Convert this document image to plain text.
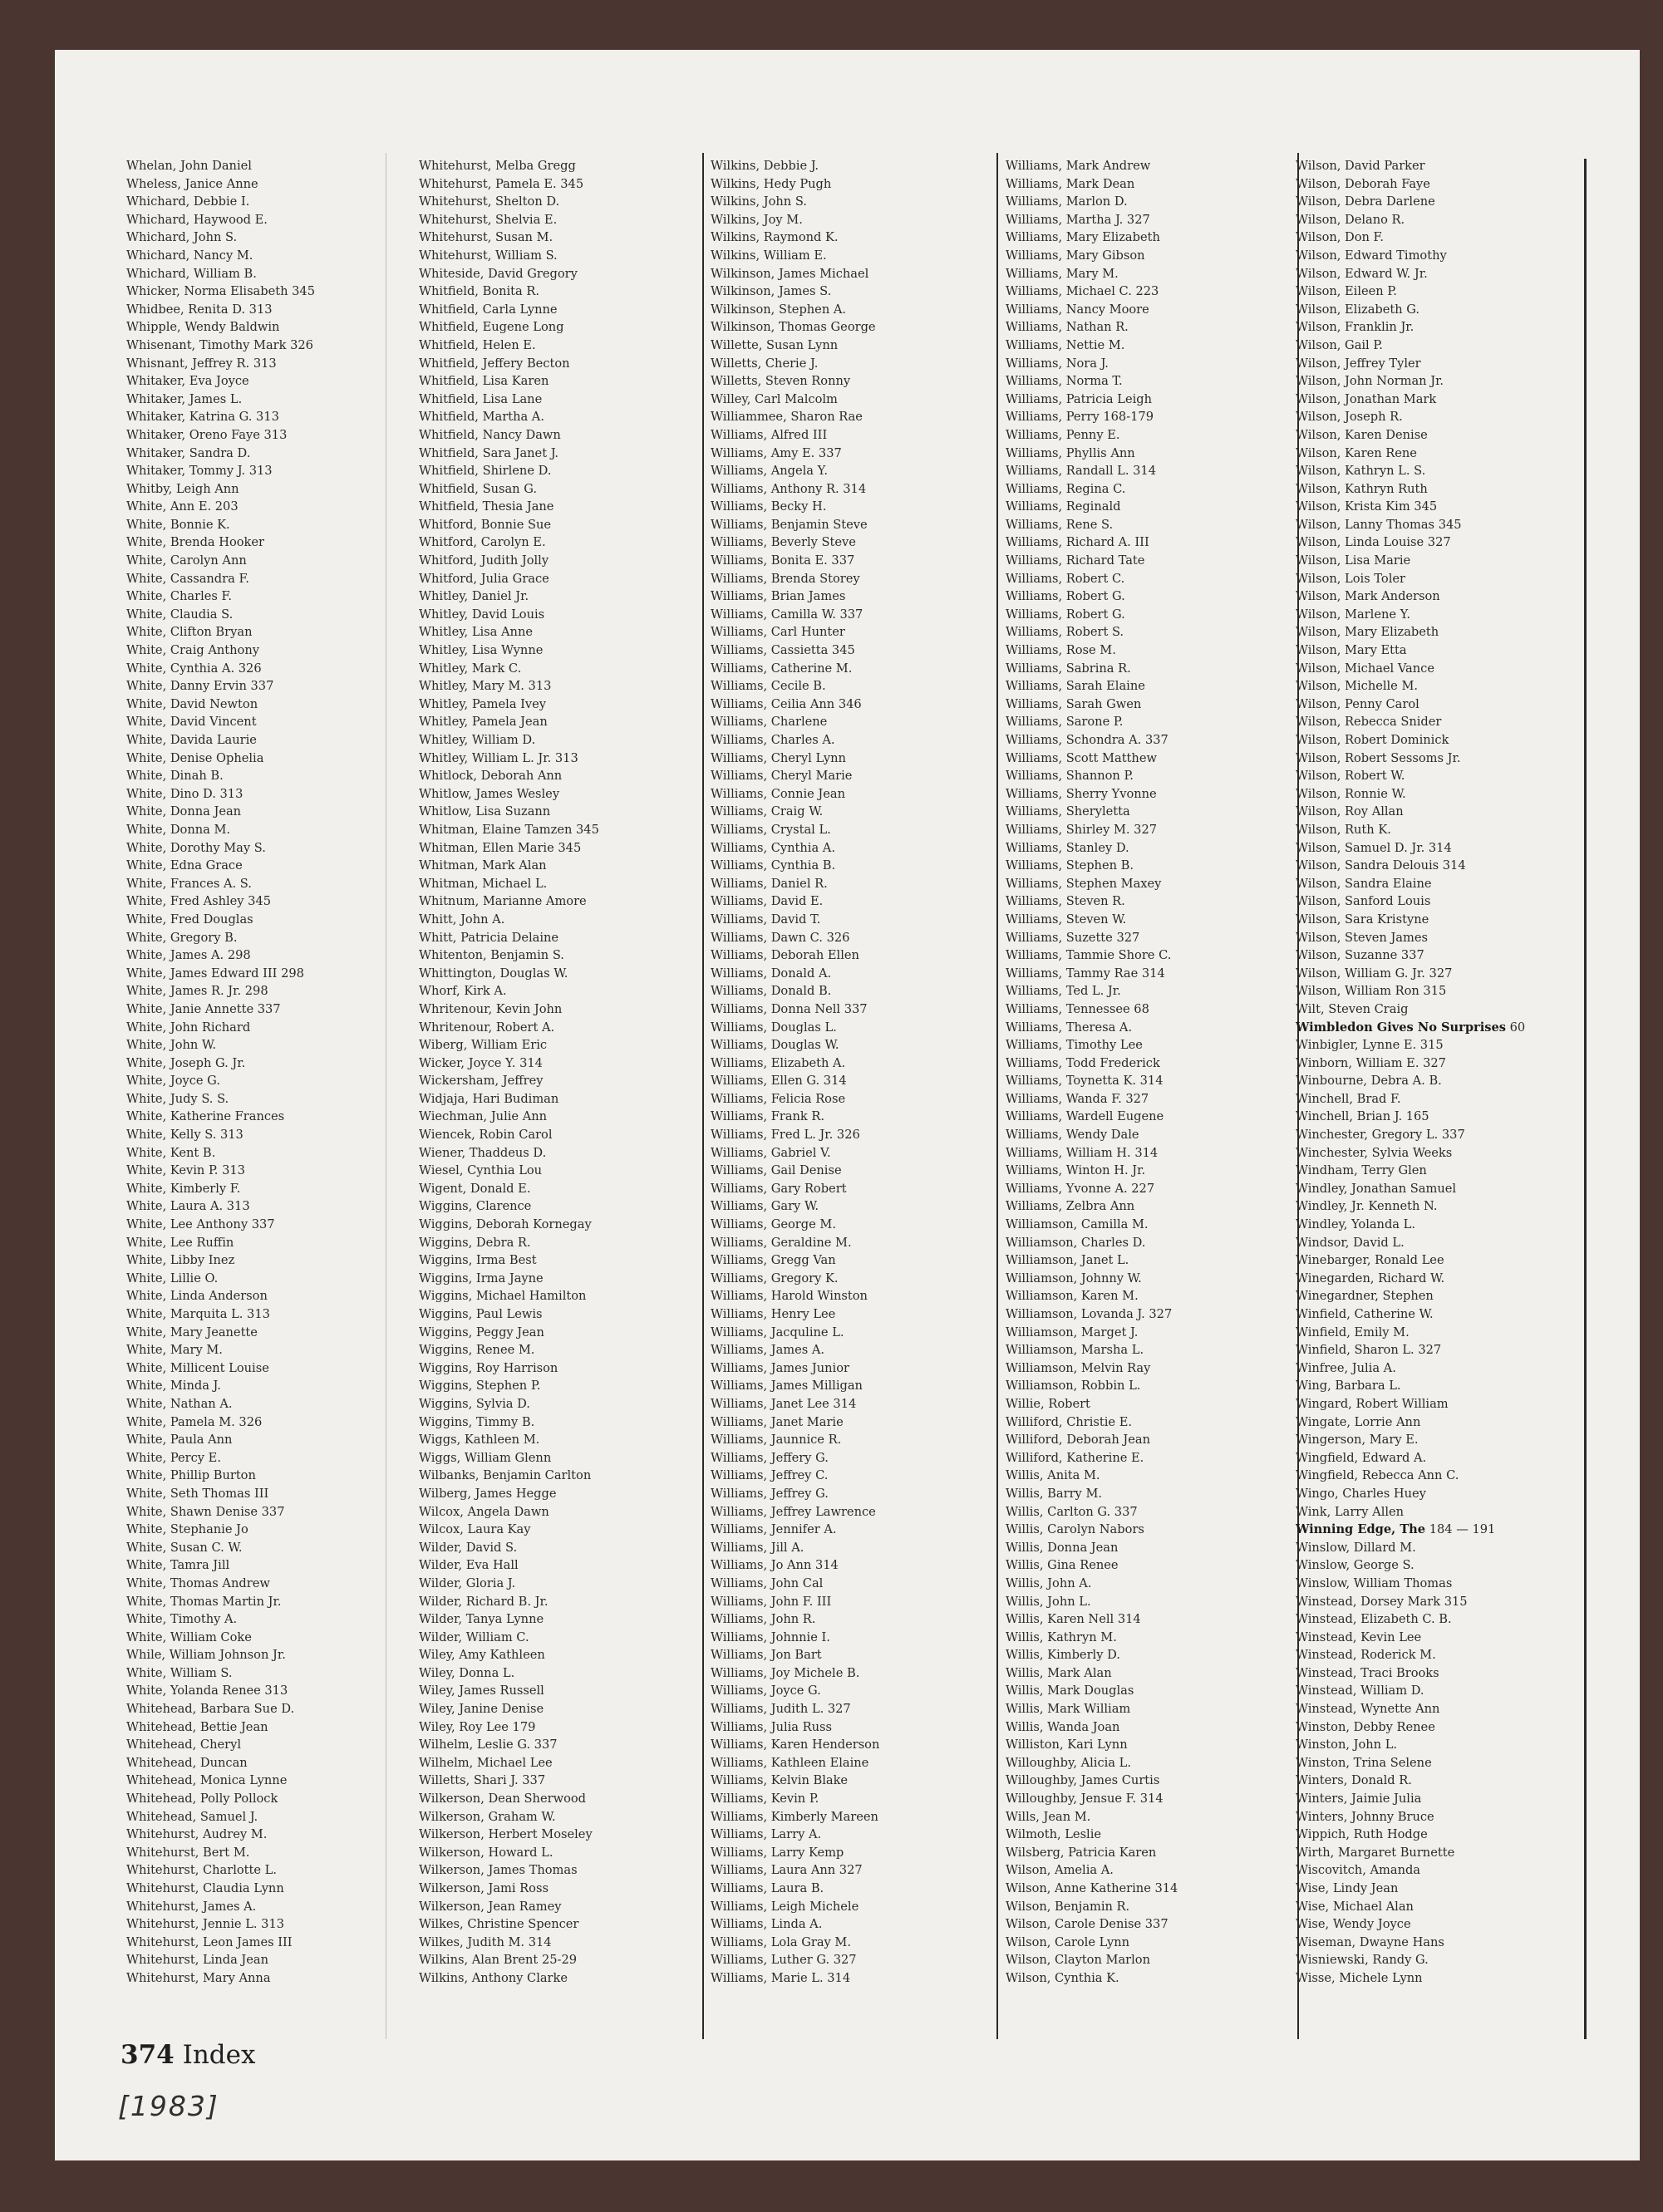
Whelan, John Daniel
Wheless, Janice Anne
Whichard, Debbie I.
Whichard, Haywood E.
Whichard, John S.
Whichard, Nancy M.
Whichard, William B.
Whicker, Norma Elisabeth 345
Whidbee, Renita D. 313
Whipple, Wendy Baldwin
Whisenant, Timothy Mark 326
Whisnant, Jeffrey R. 313
Whitaker, Eva Joyce
Whitaker, James L.
Whitaker, Katrina G. 313
Whitaker, Oreno Faye 313
Whitaker, Sandra D.
Whitaker, Tommy J. 313
Whitby, Leigh Ann
White, Ann E. 203
White, Bonnie K.
White, Brenda Hooker
White, Carolyn Ann
White, Cassandra F.
White, Charles F.
White, Claudia S.
White, Clifton Bryan
White, Craig Anthony
White, Cynthia A. 326
White, Danny Ervin 337
White, David Newton
White, David Vincent
White, Davida Laurie
White, Denise Ophelia
White, Dinah B.
White, Dino D. 313
White, Donna Jean
White, Donna M.
White, Dorothy May S.
White, Edna Grace
White, Frances A. S.
White, Fred Ashley 345
White, Fred Douglas
White, Gregory B.
White, James A. 298
White, James Edward III 298
White, James R. Jr. 298
White, Janie Annette 337
White, John Richard
White, John W.
White, Joseph G. Jr.
White, Joyce G.
White, Judy S. S.
White, Katherine Frances
White, Kelly S. 313
White, Kent B.
White, Kevin P. 313
White, Kimberly F.
White, Laura A. 313
White, Lee Anthony 337
White, Lee Ruffin
White, Libby Inez
White, Lillie O.
White, Linda Anderson
White, Marquita L. 313
White, Mary Jeanette
White, Mary M.
White, Millicent Louise
White, Minda J.
White, Nathan A.
White, Pamela M. 326
White, Paula Ann
White, Percy E.
White, Phillip Burton
White, Seth Thomas III
White, Shawn Denise 337
White, Stephanie Jo
White, Susan C. W.
White, Tamra Jill
White, Thomas Andrew
White, Thomas Martin Jr.
White, Timothy A.
White, William Coke
While, William Johnson Jr.
White, William S.
White, Yolanda Renee 313
Whitehead, Barbara Sue D.
Whitehead, Bettie Jean
Whitehead, Cheryl
Whitehead, Duncan
Whitehead, Monica Lynne
Whitehead, Polly Pollock
Whitehead, Samuel J.
Whitehurst, Audrey M.
Whitehurst, Bert M.
Whitehurst, Charlotte L.
Whitehurst, Claudia Lynn
Whitehurst, James A.
Whitehurst, Jennie L. 313
Whitehurst, Leon James III
Whitehurst, Linda Jean
Whitehurst, Mary Anna
Whitehurst, Melba Gregg
Whitehurst, Pamela E. 345
Whitehurst, Shelton D.
Whitehurst, Shelvia E.
Whitehurst, Susan M.
Whitehurst, William S.
Whiteside, David Gregory
Whitfield, Bonita R.
Whitfield, Carla Lynne
Whitfield, Eugene Long
Whitfield, Helen E.
Whitfield, Jeffery Becton
Whitfield, Lisa Karen
Whitfield, Lisa Lane
Whitfield, Martha A.
Whitfield, Nancy Dawn
Whitfield, Sara Janet J.
Whitfield, Shirlene D.
Whitfield, Susan G.
Whitfield, Thesia Jane
Whitford, Bonnie Sue
Whitford, Carolyn E.
Whitford, Judith Jolly
Whitford, Julia Grace
Whitley, Daniel Jr.
Whitley, David Louis
Whitley, Lisa Anne
Whitley, Lisa Wynne
Whitley, Mark C.
Whitley, Mary M. 313
Whitley, Pamela Ivey
Whitley, Pamela Jean
Whitley, William D.
Whitley, William L. Jr. 313
Whitlock, Deborah Ann
Whitlow, James Wesley
Whitlow, Lisa Suzann
Whitman, Elaine Tamzen 345
Whitman, Ellen Marie 345
Whitman, Mark Alan
Whitman, Michael L.
Whitnum, Marianne Amore
Whitt, John A.
Whitt, Patricia Delaine
Whitenton, Benjamin S.
Whittington, Douglas W.
Whorf, Kirk A.
Whritenour, Kevin John
Whritenour, Robert A.
Wiberg, William Eric
Wicker, Joyce Y. 314
Wickersham, Jeffrey
Widjaja, Hari Budiman
Wiechman, Julie Ann
Wiencek, Robin Carol
Wiener, Thaddeus D.
Wiesel, Cynthia Lou
Wigent, Donald E.
Wiggins, Clarence
Wiggins, Deborah Kornegay
Wiggins, Debra R.
Wiggins, Irma Best
Wiggins, Irma Jayne
Wiggins, Michael Hamilton
Wiggins, Paul Lewis
Wiggins, Peggy Jean
Wiggins, Renee M.
Wiggins, Roy Harrison
Wiggins, Stephen P.
Wiggins, Sylvia D.
Wiggins, Timmy B.
Wiggs, Kathleen M.
Wiggs, William Glenn
Wilbanks, Benjamin Carlton
Wilberg, James Hegge
Wilcox, Angela Dawn
Wilcox, Laura Kay
Wilder, David S.
Wilder, Eva Hall
Wilder, Gloria J.
Wilder, Richard B. Jr.
Wilder, Tanya Lynne
Wilder, William C.
Wiley, Amy Kathleen
Wiley, Donna L.
Wiley, James Russell
Wiley, Janine Denise
Wiley, Roy Lee 179
Wilhelm, Leslie G. 337
Wilhelm, Michael Lee
Willetts, Shari J. 337
Wilkerson, Dean Sherwood
Wilkerson, Graham W.
Wilkerson, Herbert Moseley
Wilkerson, Howard L.
Wilkerson, James Thomas
Wilkerson, Jami Ross
Wilkerson, Jean Ramey
Wilkes, Christine Spencer
Wilkes, Judith M. 314
Wilkins, Alan Brent 25-29
Wilkins, Anthony Clarke
Wilkins, Debbie J.
Wilkins, Hedy Pugh
Wilkins, John S.
Wilkins, Joy M.
Wilkins, Raymond K.
Wilkins, William E.
Wilkinson, James Michael
Wilkinson, James S.
Wilkinson, Stephen A.
Wilkinson, Thomas George
Willette, Susan Lynn
Willetts, Cherie J.
Willetts, Steven Ronny
Willey, Carl Malcolm
Williammee, Sharon Rae
Williams, Alfred III
Williams, Amy E. 337
Williams, Angela Y.
Williams, Anthony R. 314
Williams, Becky H.
Williams, Benjamin Steve
Williams, Beverly Steve
Williams, Bonita E. 337
Williams, Brenda Storey
Williams, Brian James
Williams, Camilla W. 337
Williams, Carl Hunter
Williams, Cassietta 345
Williams, Catherine M.
Williams, Cecile B.
Williams, Ceilia Ann 346
Williams, Charlene
Williams, Charles A.
Williams, Cheryl Lynn
Williams, Cheryl Marie
Williams, Connie Jean
Williams, Craig W.
Williams, Crystal L.
Williams, Cynthia A.
Williams, Cynthia B.
Williams, Daniel R.
Williams, David E.
Williams, David T.
Williams, Dawn C. 326
Williams, Deborah Ellen
Williams, Donald A.
Williams, Donald B.
Williams, Donna Nell 337
Williams, Douglas L.
Williams, Douglas W.
Williams, Elizabeth A.
Williams, Ellen G. 314
Williams, Felicia Rose
Williams, Frank R.
Williams, Fred L. Jr. 326
Williams, Gabriel V.
Williams, Gail Denise
Williams, Gary Robert
Williams, Gary W.
Williams, George M.
Williams, Geraldine M.
Williams, Gregg Van
Williams, Gregory K.
Williams, Harold Winston
Williams, Henry Lee
Williams, Jacquline L.
Williams, James A.
Williams, James Junior
Williams, James Milligan
Williams, Janet Lee 314
Williams, Janet Marie
Williams, Jaunnice R.
Williams, Jeffery G.
Williams, Jeffrey C.
Williams, Jeffrey G.
Williams, Jeffrey Lawrence
Williams, Jennifer A.
Williams, Jill A.
Williams, Jo Ann 314
Williams, John Cal
Williams, John F. III
Williams, John R.
Williams, Johnnie I.
Williams, Jon Bart
Williams, Joy Michele B.
Williams, Joyce G.
Williams, Judith L. 327
Williams, Julia Russ
Williams, Karen Henderson
Williams, Kathleen Elaine
Williams, Kelvin Blake
Williams, Kevin P.
Williams, Kimberly Mareen
Williams, Larry A.
Williams, Larry Kemp
Williams, Laura Ann 327
Williams, Laura B.
Williams, Leigh Michele
Williams, Linda A.
Williams, Lola Gray M.
Williams, Luther G. 327
Williams, Marie L. 314
Williams, Mark Andrew
Williams, Mark Dean
Williams, Marlon D.
Williams, Martha J. 327
Williams, Mary Elizabeth
Williams, Mary Gibson
Williams, Mary M.
Williams, Michael C. 223
Williams, Nancy Moore
Williams, Nathan R.
Williams, Nettie M.
Williams, Nora J.
Williams, Norma T.
Williams, Patricia Leigh
Williams, Perry 168-179
Williams, Penny E.
Williams, Phyllis Ann
Williams, Randall L. 314
Williams, Regina C.
Williams, Reginald
Williams, Rene S.
Williams, Richard A. III
Williams, Richard Tate
Williams, Robert C.
Williams, Robert G.
Williams, Robert G.
Williams, Robert S.
Williams, Rose M.
Williams, Sabrina R.
Williams, Sarah Elaine
Williams, Sarah Gwen
Williams, Sarone P.
Williams, Schondra A. 337
Williams, Scott Matthew
Williams, Shannon P.
Williams, Sherry Yvonne
Williams, Sheryletta
Williams, Shirley M. 327
Williams, Stanley D.
Williams, Stephen B.
Williams, Stephen Maxey
Williams, Steven R.
Williams, Steven W.
Williams, Suzette 327
Williams, Tammie Shore C.
Williams, Tammy Rae 314
Williams, Ted L. Jr.
Williams, Tennessee 68
Williams, Theresa A.
Williams, Timothy Lee
Williams, Todd Frederick
Williams, Toynetta K. 314
Williams, Wanda F. 327
Williams, Wardell Eugene
Williams, Wendy Dale
Williams, William H. 314
Williams, Winton H. Jr.
Williams, Yvonne A. 227
Williams, Zelbra Ann
Williamson, Camilla M.
Williamson, Charles D.
Williamson, Janet L.
Williamson, Johnny W.
Williamson, Karen M.
Williamson, Lovanda J. 327
Williamson, Marget J.
Williamson, Marsha L.
Williamson, Melvin Ray
Williamson, Robbin L.
Willie, Robert
Williford, Christie E.
Williford, Deborah Jean
Williford, Katherine E.
Willis, Anita M.
Willis, Barry M.
Willis, Carlton G. 337
Willis, Carolyn Nabors
Willis, Donna Jean
Willis, Gina Renee
Willis, John A.
Willis, John L.
Willis, Karen Nell 314
Willis, Kathryn M.
Willis, Kimberly D.
Willis, Mark Alan
Willis, Mark Douglas
Willis, Mark William
Willis, Wanda Joan
Williston, Kari Lynn
Willoughby, Alicia L.
Willoughby, James Curtis
Willoughby, Jensue F. 314
Wills, Jean M.
Wilmoth, Leslie
Wilsberg, Patricia Karen
Wilson, Amelia A.
Wilson, Anne Katherine 314
Wilson, Benjamin R.
Wilson, Carole Denise 337
Wilson, Carole Lynn
Wilson, Clayton Marlon
Wilson, Cynthia K.
Wilson, David Parker
Wilson, Deborah Faye
Wilson, Debra Darlene
Wilson, Delano R.
Wilson, Don F.
Wilson, Edward Timothy
Wilson, Edward W. Jr.
Wilson, Eileen P.
Wilson, Elizabeth G.
Wilson, Franklin Jr.
Wilson, Gail P.
Wilson, Jeffrey Tyler
Wilson, John Norman Jr.
Wilson, Jonathan Mark
Wilson, Joseph R.
Wilson, Karen Denise
Wilson, Karen Rene
Wilson, Kathryn L. S.
Wilson, Kathryn Ruth
Wilson, Krista Kim 345
Wilson, Lanny Thomas 345
Wilson, Linda Louise 327
Wilson, Lisa Marie
Wilson, Lois Toler
Wilson, Mark Anderson
Wilson, Marlene Y.
Wilson, Mary Elizabeth
Wilson, Mary Etta
Wilson, Michael Vance
Wilson, Michelle M.
Wilson, Penny Carol
Wilson, Rebecca Snider
Wilson, Robert Dominick
Wilson, Robert Sessoms Jr.
Wilson, Robert W.
Wilson, Ronnie W.
Wilson, Roy Allan
Wilson, Ruth K.
Wilson, Samuel D. Jr. 314
Wilson, Sandra Delouis 314
Wilson, Sandra Elaine
Wilson, Sanford Louis
Wilson, Sara Kristyne
Wilson, Steven James
Wilson, Suzanne 337
Wilson, William G. Jr. 327
Wilson, William Ron 315
Wilt, Steven Craig
Wimbledon Gives No Surprises 60
Winbigler, Lynne E. 315
Winborn, William E. 327
Winbourne, Debra A. B.
Winchell, Brad F.
Winchell, Brian J. 165
Winchester, Gregory L. 337
Winchester, Sylvia Weeks
Windham, Terry Glen
Windley, Jonathan Samuel
Windley, Jr. Kenneth N.
Windley, Yolanda L.
Windsor, David L.
Winebarger, Ronald Lee
Winegarden, Richard W.
Winegardner, Stephen
Winfield, Catherine W.
Winfield, Emily M.
Winfield, Sharon L. 327
Winfree, Julia A.
Wing, Barbara L.
Wingard, Robert William
Wingate, Lorrie Ann
Wingerson, Mary E.
Wingfield, Edward A.
Wingfield, Rebecca Ann C.
Wingo, Charles Huey
Wink, Larry Allen
Winning Edge, The 184 — 191
Winslow, Dillard M.
Winslow, George S.
Winslow, William Thomas
Winstead, Dorsey Mark 315
Winstead, Elizabeth C. B.
Winstead, Kevin Lee
Winstead, Roderick M.
Winstead, Traci Brooks
Winstead, William D.
Winstead, Wynette Ann
Winston, Debby Renee
Winston, John L.
Winston, Trina Selene
Winters, Donald R.
Winters, Jaimie Julia
Winters, Johnny Bruce
Wippich, Ruth Hodge
Wirth, Margaret Burnette
Wiscovitch, Amanda
Wise, Lindy Jean
Wise, Michael Alan
Wise, Wendy Joyce
Wiseman, Dwayne Hans
Wisniewski, Randy G.
Wisse, Michele Lynn
374 Index
[1983]
